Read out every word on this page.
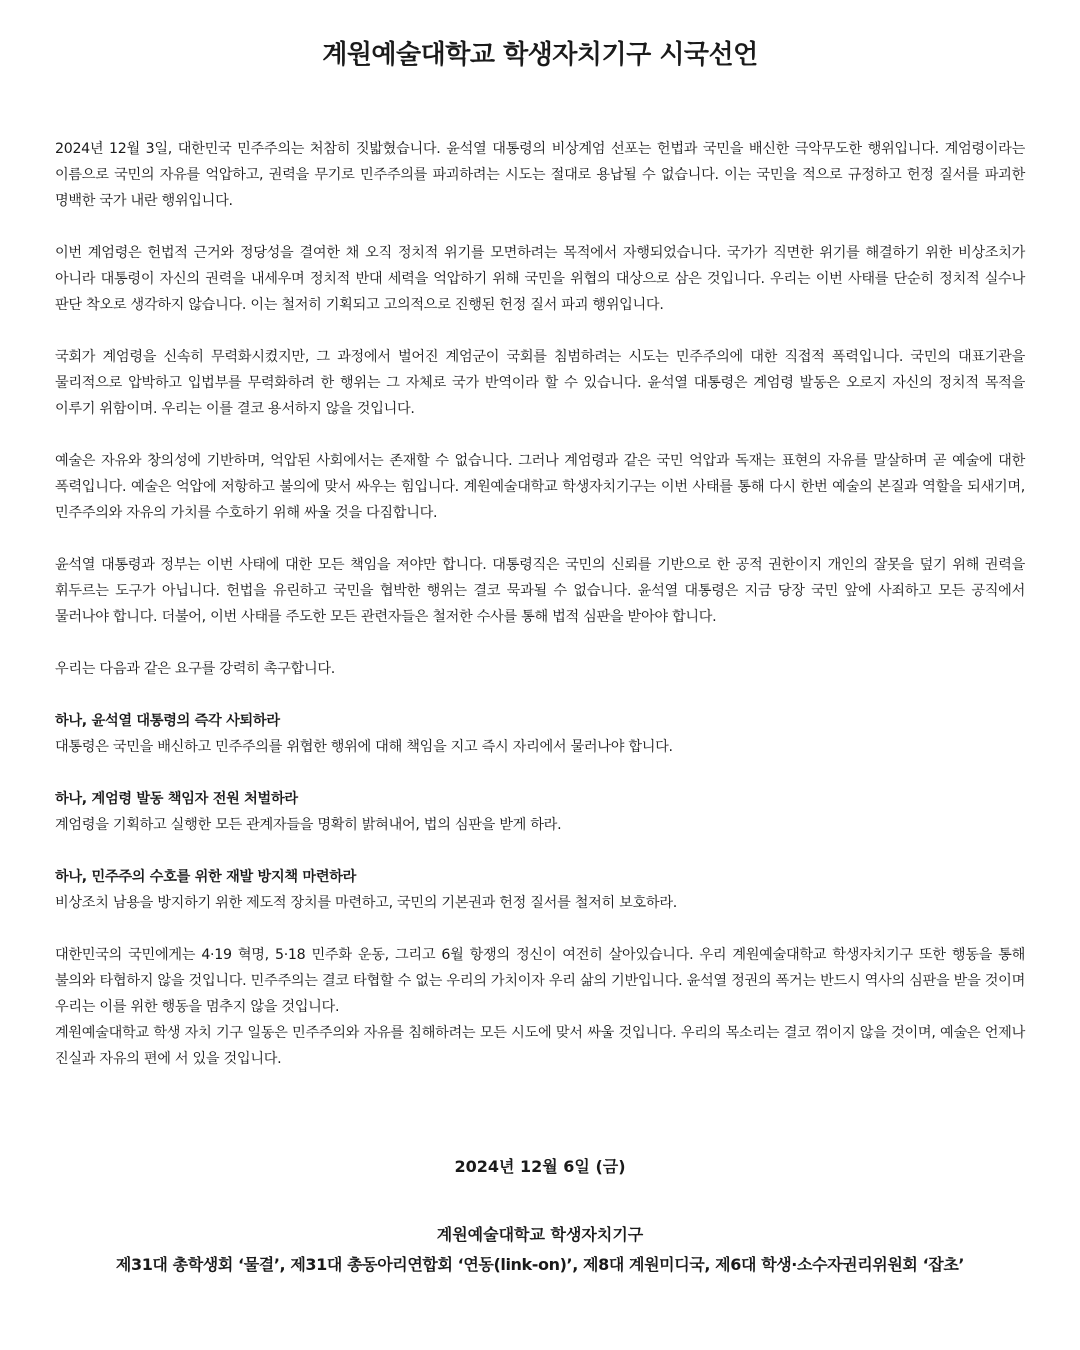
계원예술대학교 학생자치기구 시국선언

2024년 12월 3일, 대한민국 민주주의는 처참히 짓밟혔습니다. 윤석열 대통령의 비상계엄 선포는 헌법과 국민을 배신한 극악무도한 행위입니다. 계엄령이라는 이름으로 국민의 자유를 억압하고, 권력을 무기로 민주주의를 파괴하려는 시도는 절대로 용납될 수 없습니다. 이는 국민을 적으로 규정하고 헌정 질서를 파괴한 명백한 국가 내란 행위입니다.

이번 계엄령은 헌법적 근거와 정당성을 결여한 채 오직 정치적 위기를 모면하려는 목적에서 자행되었습니다. 국가가 직면한 위기를 해결하기 위한 비상조치가 아니라 대통령이 자신의 권력을 내세우며 정치적 반대 세력을 억압하기 위해 국민을 위협의 대상으로 삼은 것입니다. 우리는 이번 사태를 단순히 정치적 실수나 판단 착오로 생각하지 않습니다. 이는 철저히 기획되고 고의적으로 진행된 헌정 질서 파괴 행위입니다.

국회가 계엄령을 신속히 무력화시켰지만, 그 과정에서 벌어진 계엄군이 국회를 침범하려는 시도는 민주주의에 대한 직접적 폭력입니다. 국민의 대표기관을 물리적으로 압박하고 입법부를 무력화하려 한 행위는 그 자체로 국가 반역이라 할 수 있습니다. 윤석열 대통령은 계엄령 발동은 오로지 자신의 정치적 목적을 이루기 위함이며. 우리는 이를 결코 용서하지 않을 것입니다.

예술은 자유와 창의성에 기반하며, 억압된 사회에서는 존재할 수 없습니다. 그러나 계엄령과 같은 국민 억압과 독재는 표현의 자유를 말살하며 곧 예술에 대한 폭력입니다. 예술은 억압에 저항하고 불의에 맞서 싸우는 힘입니다. 계원예술대학교 학생자치기구는 이번 사태를 통해 다시 한번 예술의 본질과 역할을 되새기며, 민주주의와 자유의 가치를 수호하기 위해 싸울 것을 다짐합니다.

윤석열 대통령과 정부는 이번 사태에 대한 모든 책임을 져야만 합니다. 대통령직은 국민의 신뢰를 기반으로 한 공적 권한이지 개인의 잘못을 덮기 위해 권력을 휘두르는 도구가 아닙니다. 헌법을 유린하고 국민을 협박한 행위는 결코 묵과될 수 없습니다. 윤석열 대통령은 지금 당장 국민 앞에 사죄하고 모든 공직에서 물러나야 합니다. 더불어, 이번 사태를 주도한 모든 관련자들은 철저한 수사를 통해 법적 심판을 받아야 합니다.

우리는 다음과 같은 요구를 강력히 촉구합니다.

하나, 윤석열 대통령의 즉각 사퇴하라

대통령은 국민을 배신하고 민주주의를 위협한 행위에 대해 책임을 지고 즉시 자리에서 물러나야 합니다.

하나, 계엄령 발동 책임자 전원 처벌하라

계엄령을 기획하고 실행한 모든 관계자들을 명확히 밝혀내어, 법의 심판을 받게 하라.

하나, 민주주의 수호를 위한 재발 방지책 마련하라

비상조치 남용을 방지하기 위한 제도적 장치를 마련하고, 국민의 기본권과 헌정 질서를 철저히 보호하라.

대한민국의 국민에게는 4·19 혁명, 5·18 민주화 운동, 그리고 6월 항쟁의 정신이 여전히 살아있습니다. 우리 계원예술대학교 학생자치기구 또한 행동을 통해 불의와 타협하지 않을 것입니다. 민주주의는 결코 타협할 수 없는 우리의 가치이자 우리 삶의 기반입니다. 윤석열 정권의 폭거는 반드시 역사의 심판을 받을 것이며 우리는 이를 위한 행동을 멈추지 않을 것입니다.

계원예술대학교 학생 자치 기구 일동은 민주주의와 자유를 침해하려는 모든 시도에 맞서 싸울 것입니다. 우리의 목소리는 결코 꺾이지 않을 것이며, 예술은 언제나 진실과 자유의 편에 서 있을 것입니다.

2024년 12월 6일 (금)

계원예술대학교 학생자치기구

제31대 총학생회 ‘물결’, 제31대 총동아리연합회 ‘연동(link-on)’, 제8대 계원미디국, 제6대 학생·소수자권리위원회 ‘잡초’
